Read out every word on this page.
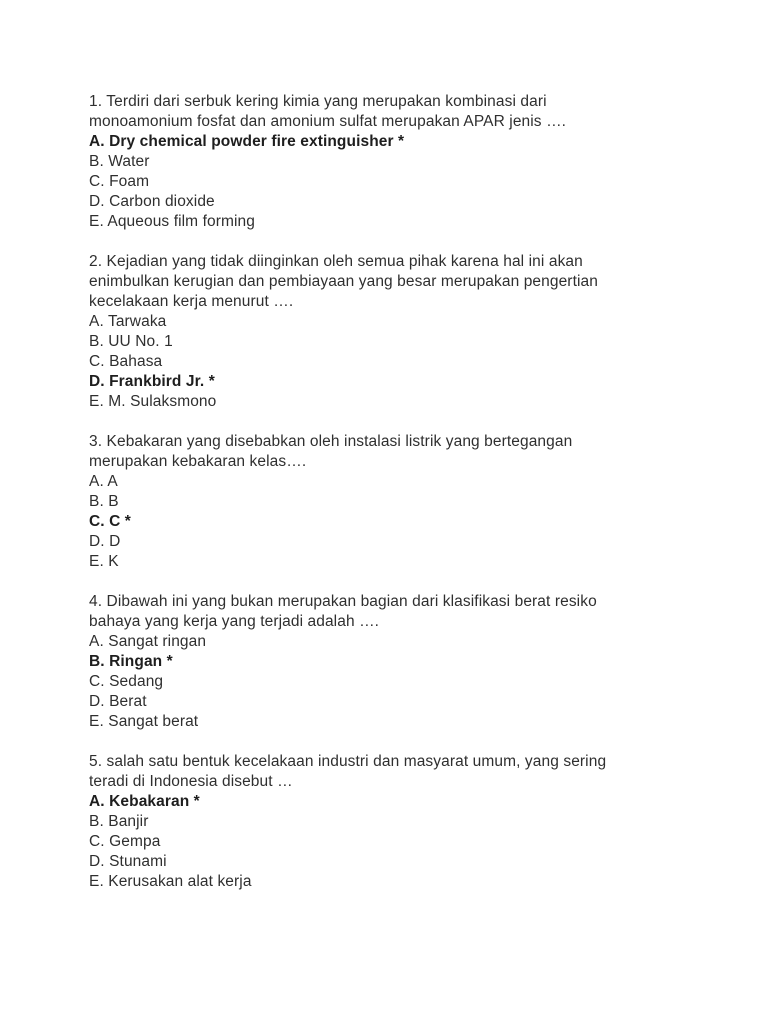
1. Terdiri dari serbuk kering kimia yang merupakan kombinasi dari
monoamonium fosfat dan amonium sulfat merupakan APAR jenis ….
A. Dry chemical powder fire extinguisher *
B. Water
C. Foam
D. Carbon dioxide
E. Aqueous film forming
2. Kejadian yang tidak diinginkan oleh semua pihak karena hal ini akan
enimbulkan kerugian dan pembiayaan yang besar merupakan pengertian
kecelakaan kerja menurut ….
A. Tarwaka
B. UU No. 1
C. Bahasa
D. Frankbird Jr. *
E. M. Sulaksmono
3. Kebakaran yang disebabkan oleh instalasi listrik yang bertegangan
merupakan kebakaran kelas….
A. A
B. B
C. C *
D. D
E. K
4. Dibawah ini yang bukan merupakan bagian dari klasifikasi berat resiko
bahaya yang kerja yang terjadi adalah ….
A. Sangat ringan
B. Ringan *
C. Sedang
D. Berat
E. Sangat berat
5. salah satu bentuk kecelakaan industri dan masyarat umum, yang sering
teradi di Indonesia disebut …
A. Kebakaran *
B. Banjir
C. Gempa
D. Stunami
E. Kerusakan alat kerja
